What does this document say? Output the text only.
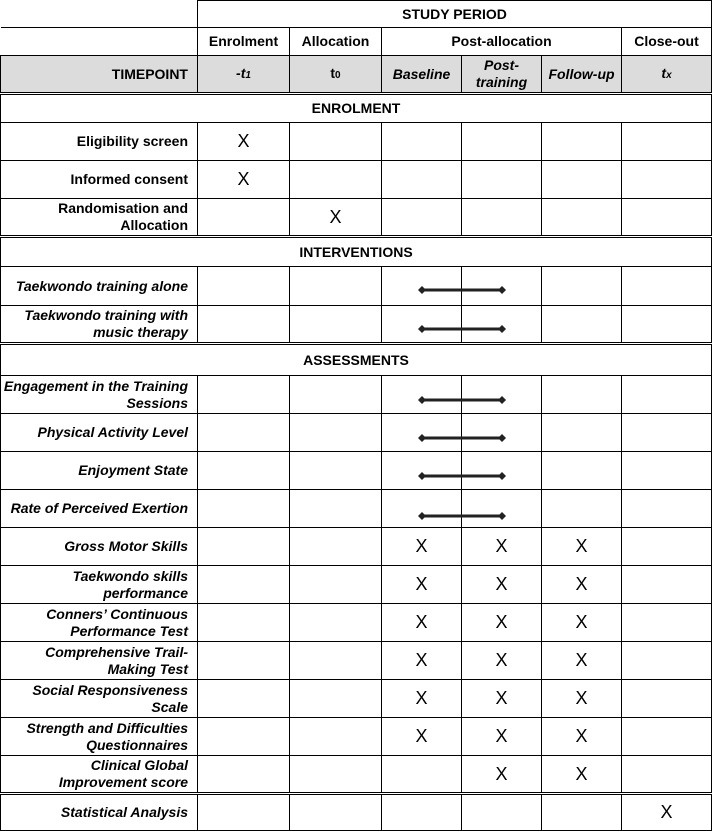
	STUDY PERIOD					
	Enrolment	Allocation	Post-allocation			Close-out
TIMEPOINT	-t1	t0	Baseline	Post-training	Follow-up	tx
ENROLMENT						
Eligibility screen	X					
Informed consent	X					
Randomisation and Allocation		X				
INTERVENTIONS						
Taekwondo training alone						
Taekwondo training with music therapy						
ASSESSMENTS						
Engagement in the Training Sessions						
Physical Activity Level						
Enjoyment State						
Rate of Perceived Exertion						
Gross Motor Skills			X	X	X	
Taekwondo skills performance			X	X	X	
Conners’ Continuous Performance Test			X	X	X	
Comprehensive Trail-Making Test			X	X	X	
Social Responsiveness Scale			X	X	X	
Strength and Difficulties Questionnaires			X	X	X	
Clinical Global Improvement score				X	X	
Statistical Analysis						X
